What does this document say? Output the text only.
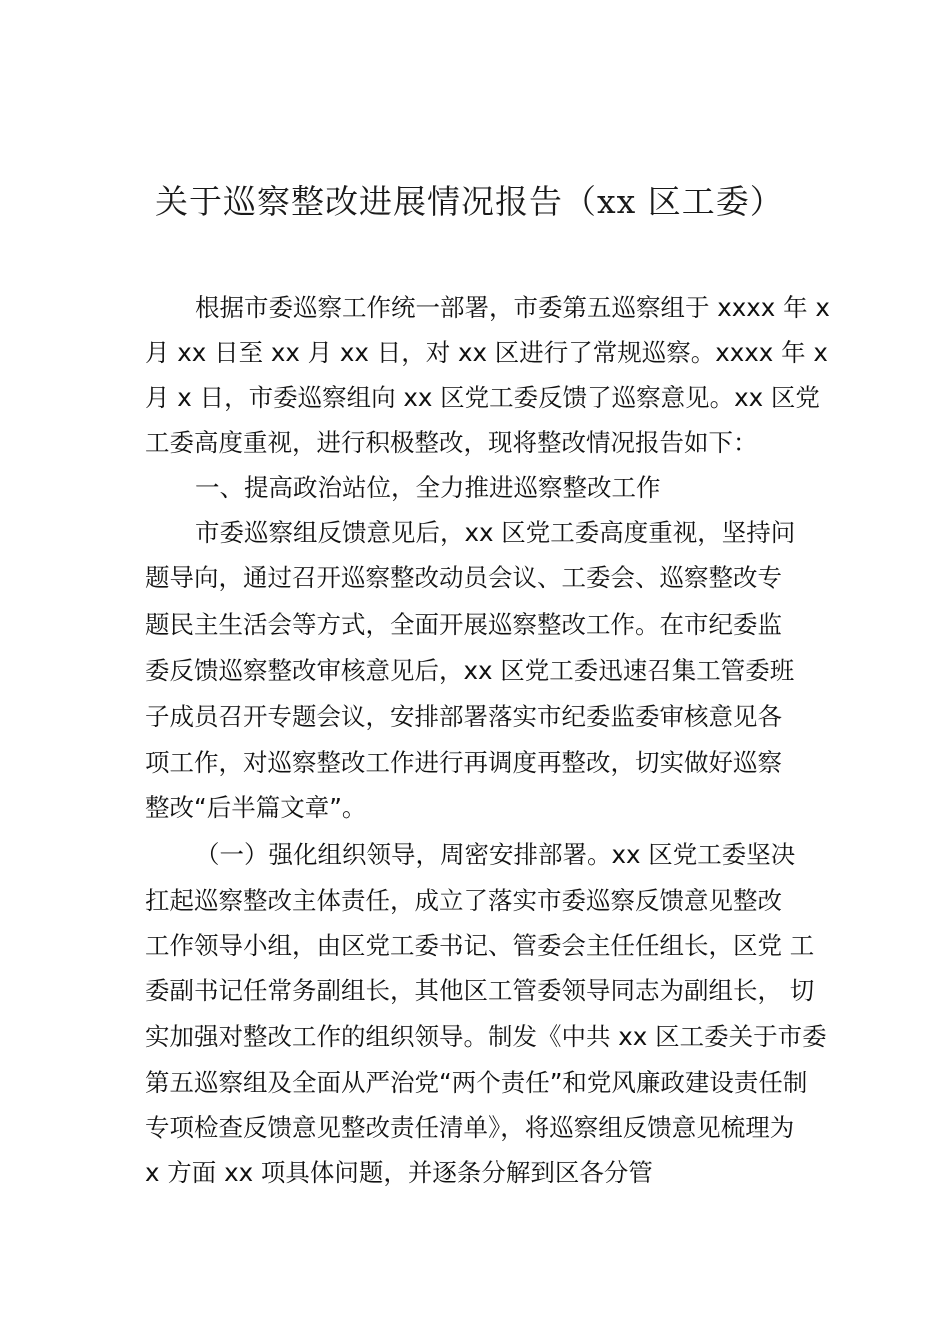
关于巡察整改进展情况报告（xx 区工委）

根据市委巡察工作统一部署，市委第五巡察组于 xxxx 年 x

月 xx 日至 xx 月 xx 日，对 xx 区进行了常规巡察。xxxx 年 x

月 x 日，市委巡察组向 xx 区党工委反馈了巡察意见。xx 区党

工委高度重视，进行积极整改，现将整改情况报告如下：

一、提高政治站位，全力推进巡察整改工作

市委巡察组反馈意见后，xx 区党工委高度重视，坚持问

题导向，通过召开巡察整改动员会议、工委会、巡察整改专

题民主生活会等方式，全面开展巡察整改工作。在市纪委监

委反馈巡察整改审核意见后，xx 区党工委迅速召集工管委班

子成员召开专题会议，安排部署落实市纪委监委审核意见各

项工作，对巡察整改工作进行再调度再整改，切实做好巡察

整改“后半篇文章”。

（一）强化组织领导，周密安排部署。xx 区党工委坚决

扛起巡察整改主体责任，成立了落实市委巡察反馈意见整改

工作领导小组，由区党工委书记、管委会主任任组长，区党 工

委副书记任常务副组长，其他区工管委领导同志为副组长， 切

实加强对整改工作的组织领导。制发《中共 xx 区工委关于市委

第五巡察组及全面从严治党“两个责任”和党风廉政建设责任制

专项检查反馈意见整改责任清单》，将巡察组反馈意见梳理为

x 方面 xx 项具体问题，并逐条分解到区各分管
